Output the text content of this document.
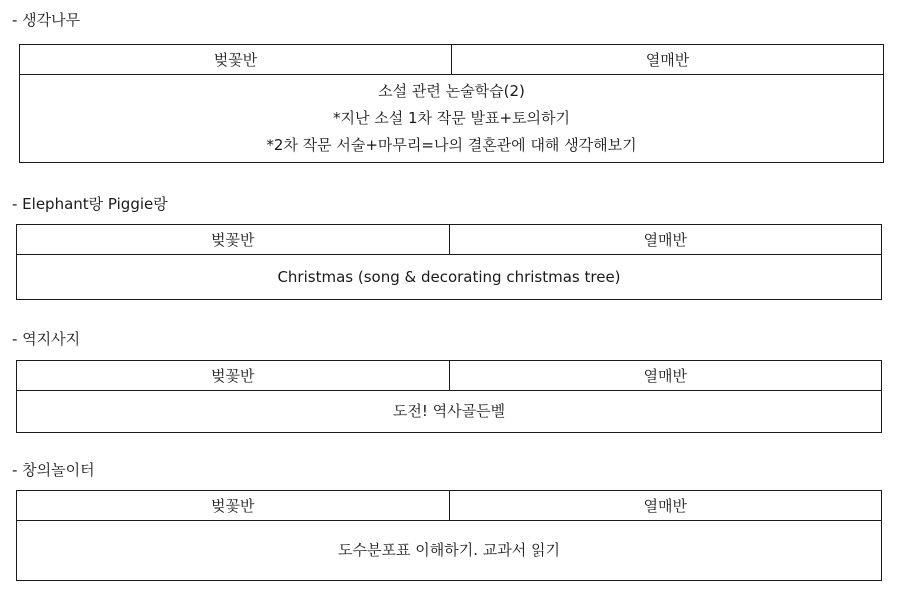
- 생각나무
벚꽃반	열매반

소설 관련 논술학습(2)
*지난 소설 1차 작문 발표+토의하기
*2차 작문 서술+마무리=나의 결혼관에 대해 생각해보기
- Elephant랑 Piggie랑
벚꽃반	열매반

Christmas (song & decorating christmas tree)
- 역지사지
벚꽃반	열매반

도전! 역사골든벨
- 창의놀이터
벚꽃반	열매반

도수분포표 이해하기. 교과서 읽기
